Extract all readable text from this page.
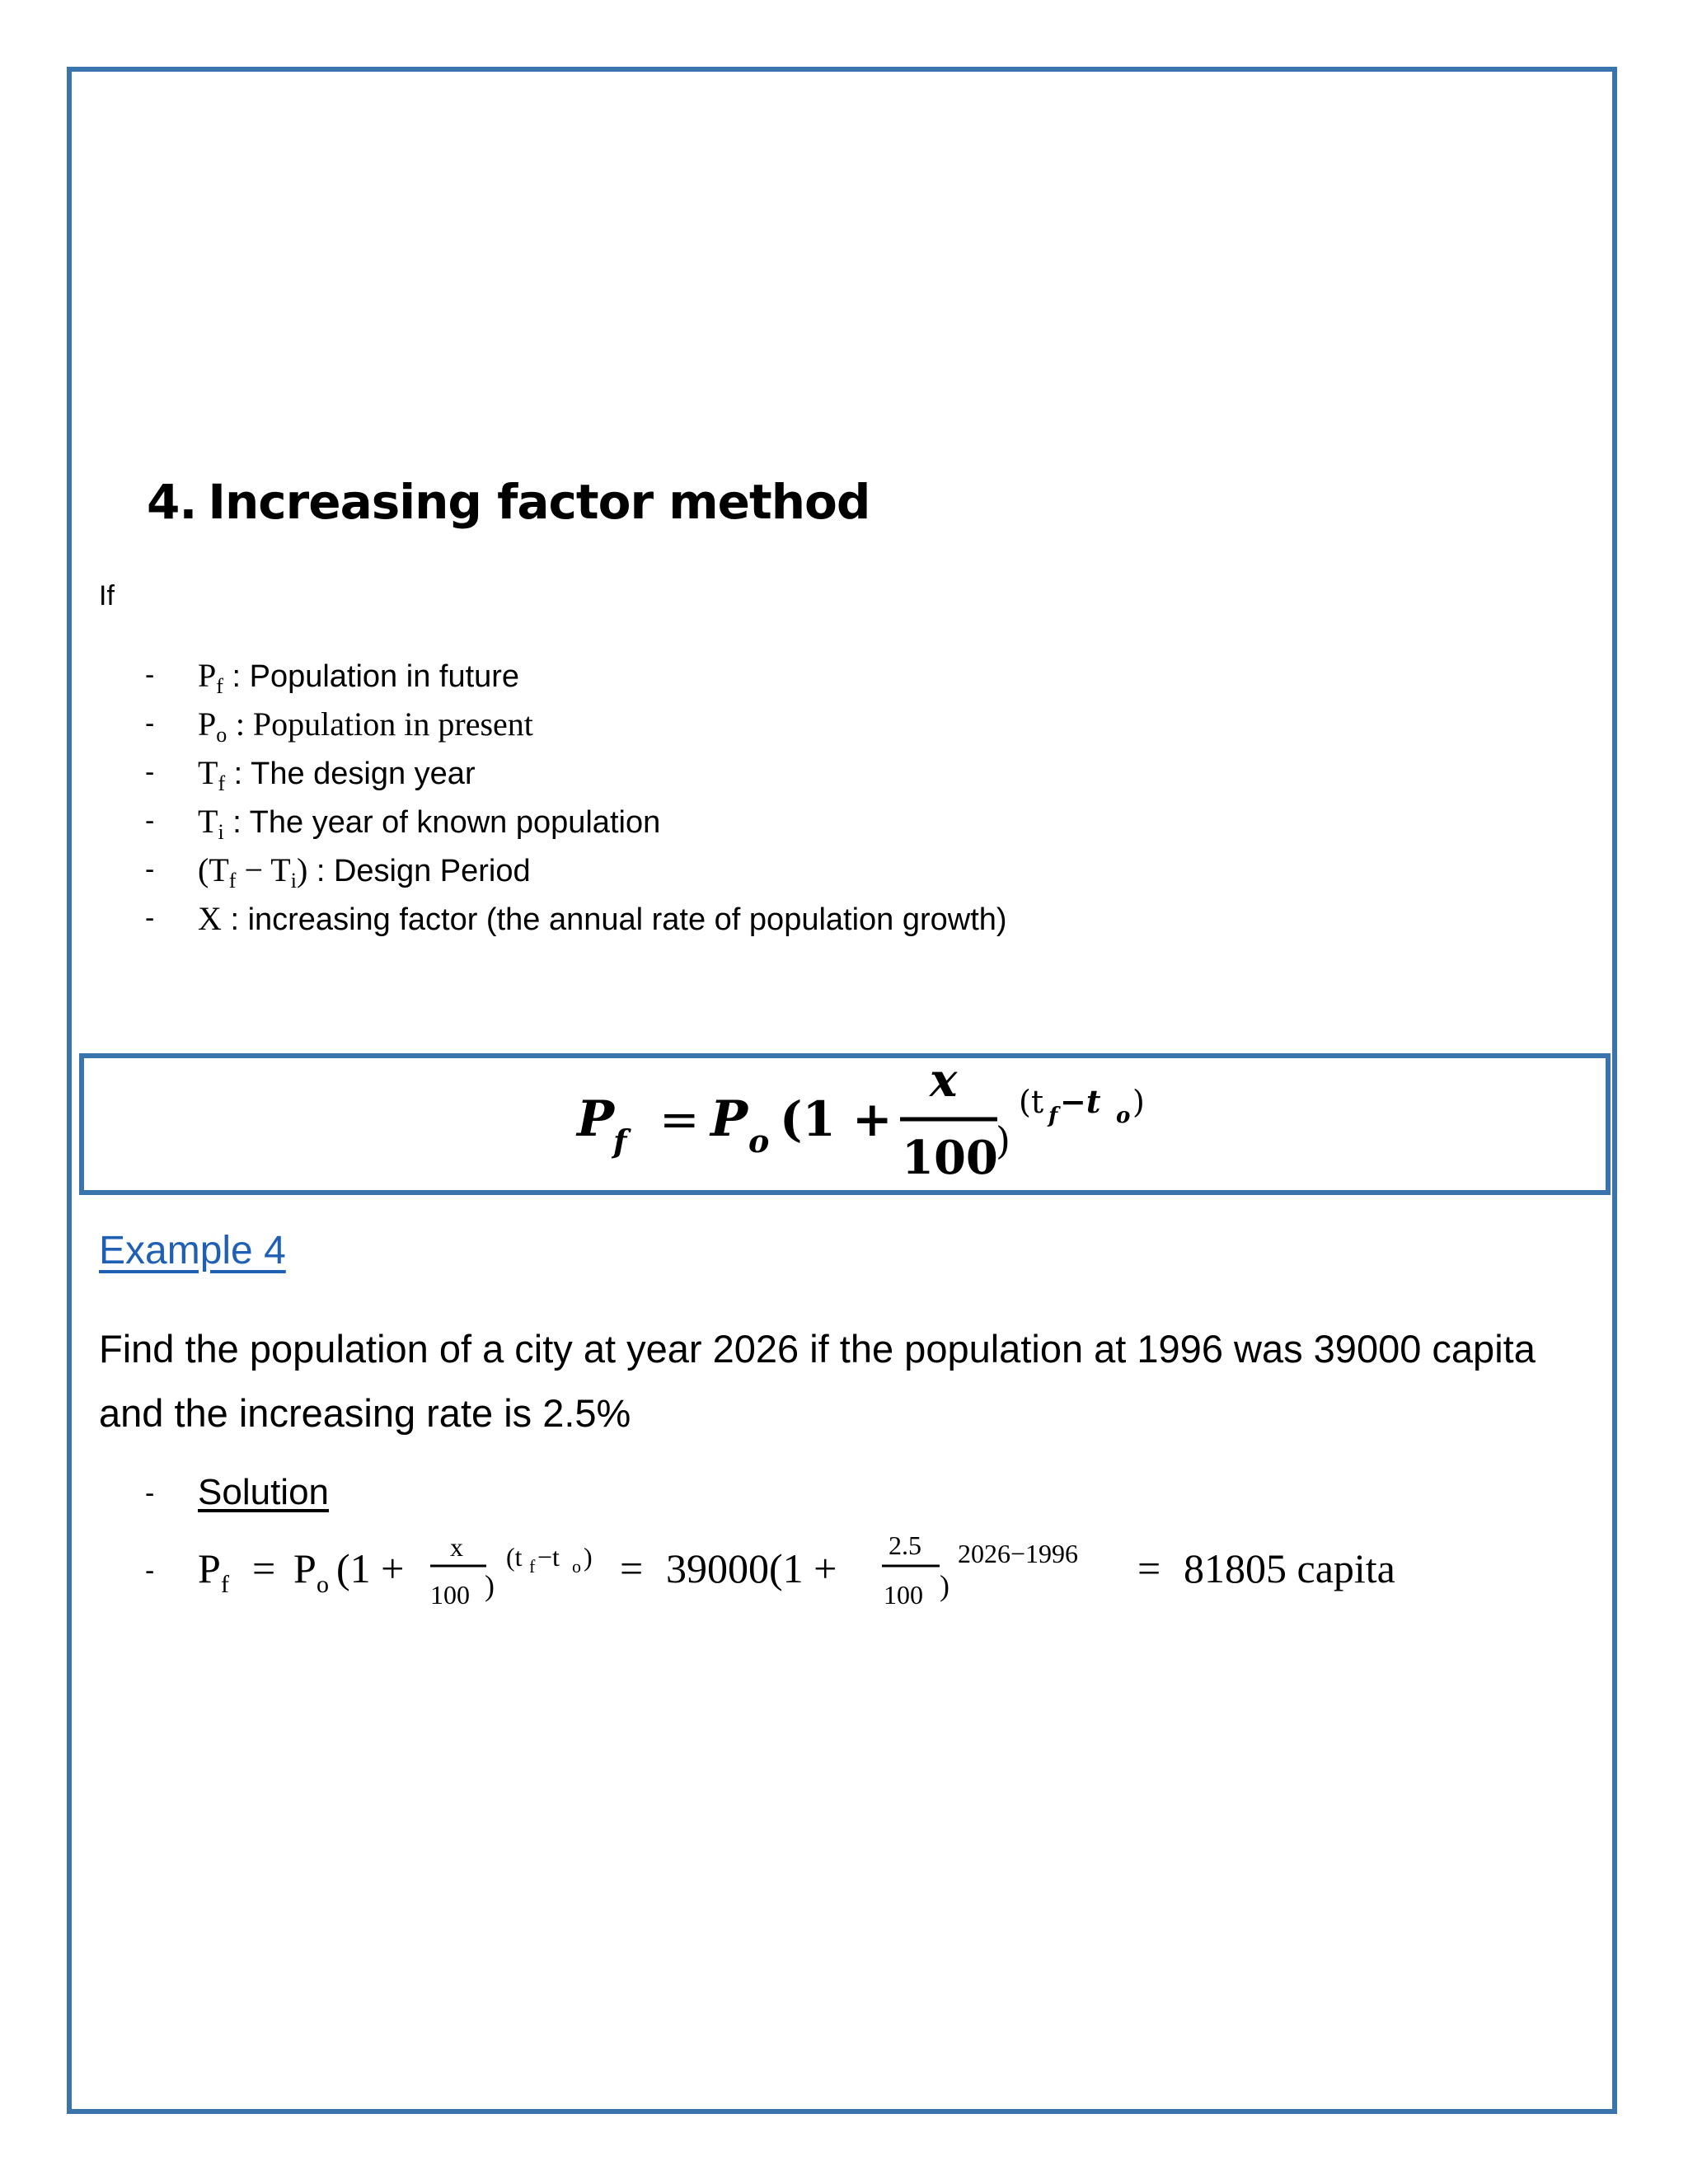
4. Increasing factor method
If
- $P_f$ : Population in future
- $P_o$ : Population in present
- $T_f$ : The design year
- $T_i$ : The year of known population
- $(T_f - T_i)$ : Design Period
- X : increasing factor (the annual rate of population growth)
P
f = P o (1 +
x
100
)
(t f −t o )
Example 4

Find the population of a city at year 2026 if the population at 1996 was 39000 capita and the increasing rate is 2.5%

- Solution
- P f = P o (1 + x
100 )
(t f −t o ) = 39000(1 + 2.5
100 )
2026−1996 = 81805 capita
